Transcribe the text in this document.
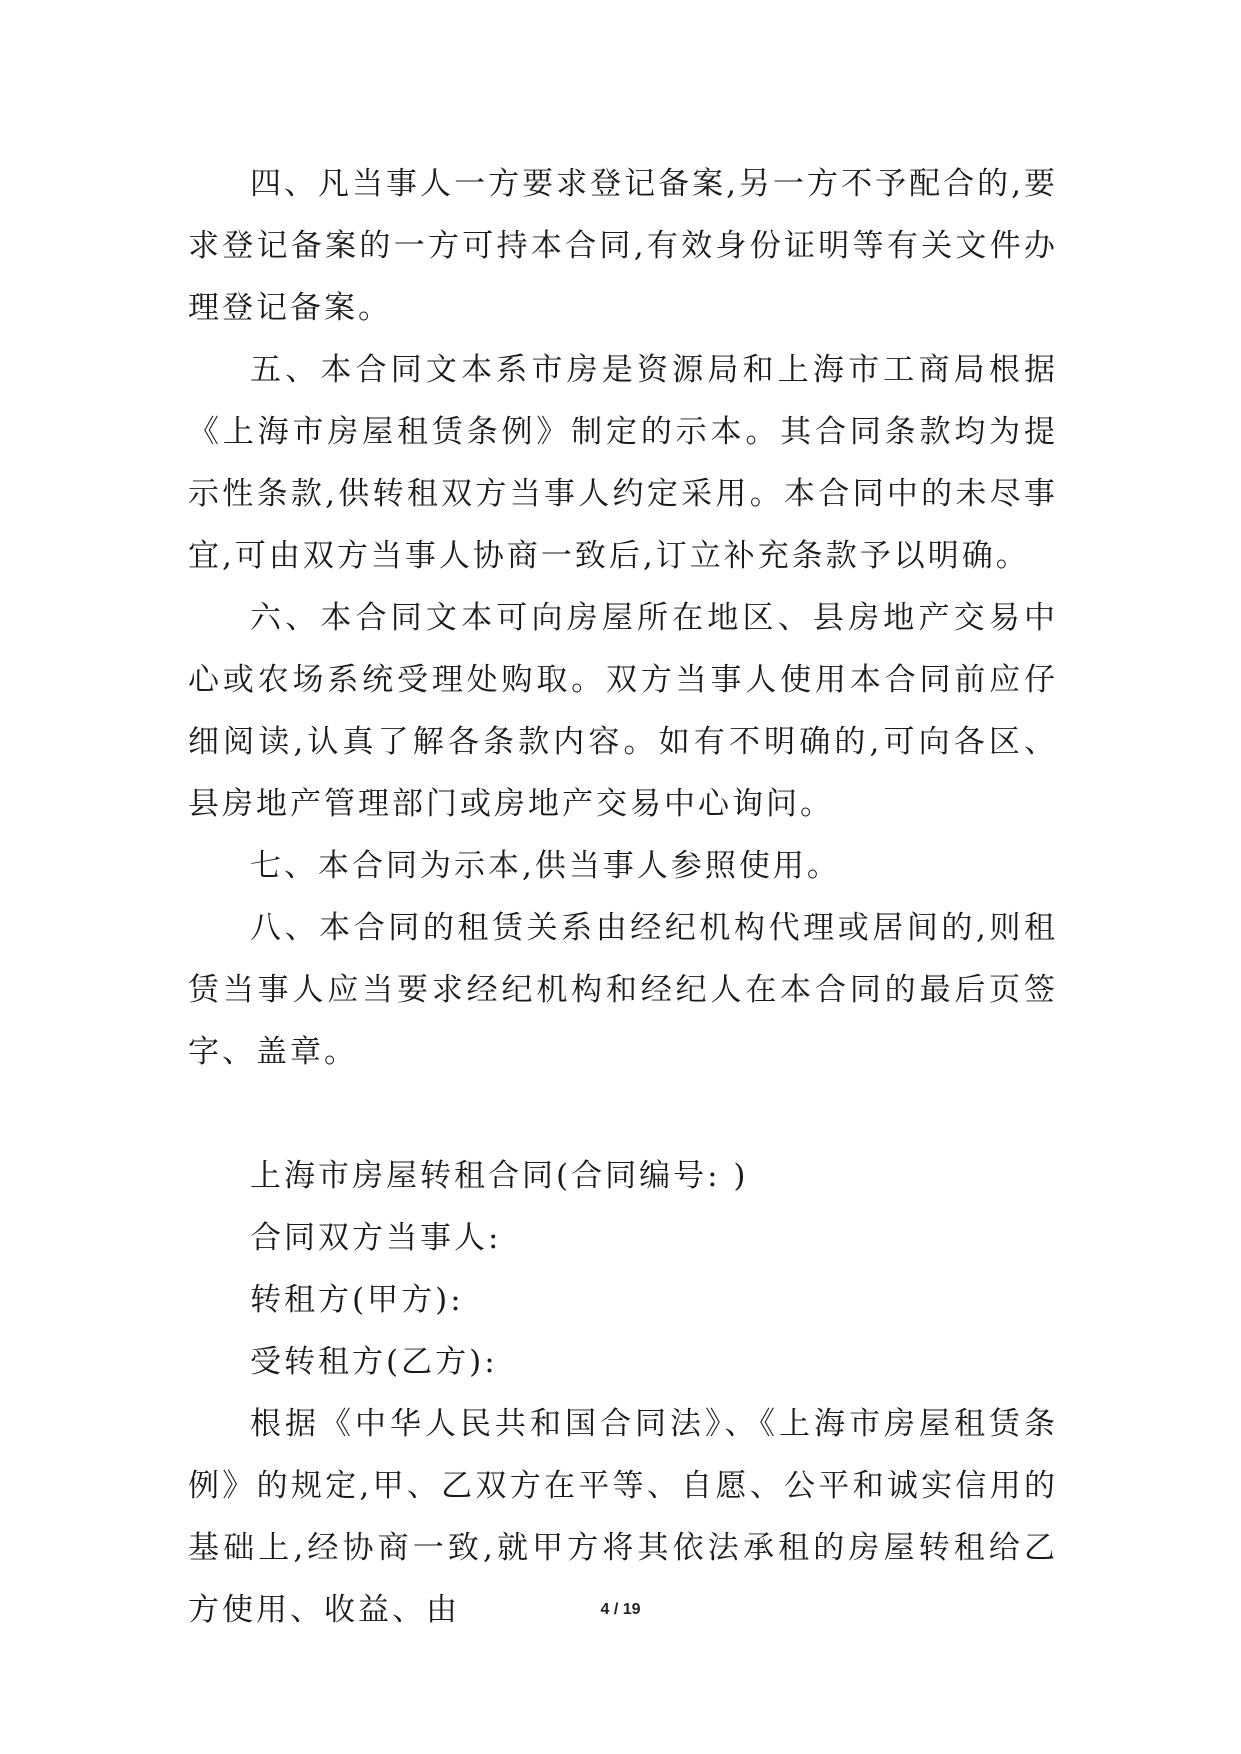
四、凡当事人一方要求登记备案,另一方不予配合的,要求登记备案的一方可持本合同,有效身份证明等有关文件办理登记备案。

五、本合同文本系市房是资源局和上海市工商局根据《上海市房屋租赁条例》制定的示本。其合同条款均为提示性条款,供转租双方当事人约定采用。本合同中的未尽事宜,可由双方当事人协商一致后,订立补充条款予以明确。

六、本合同文本可向房屋所在地区、县房地产交易中心或农场系统受理处购取。双方当事人使用本合同前应仔细阅读,认真了解各条款内容。如有不明确的,可向各区、县房地产管理部门或房地产交易中心询问。

七、本合同为示本,供当事人参照使用。

八、本合同的租赁关系由经纪机构代理或居间的,则租赁当事人应当要求经纪机构和经纪人在本合同的最后页签字、盖章。

上海市房屋转租合同(合同编号: )

合同双方当事人:

转租方(甲方):

受转租方(乙方):

根据《中华人民共和国合同法》、《上海市房屋租赁条例》的规定,甲、乙双方在平等、自愿、公平和诚实信用的基础上,经协商一致,就甲方将其依法承租的房屋转租给乙方使用、收益、由	4 / 19
